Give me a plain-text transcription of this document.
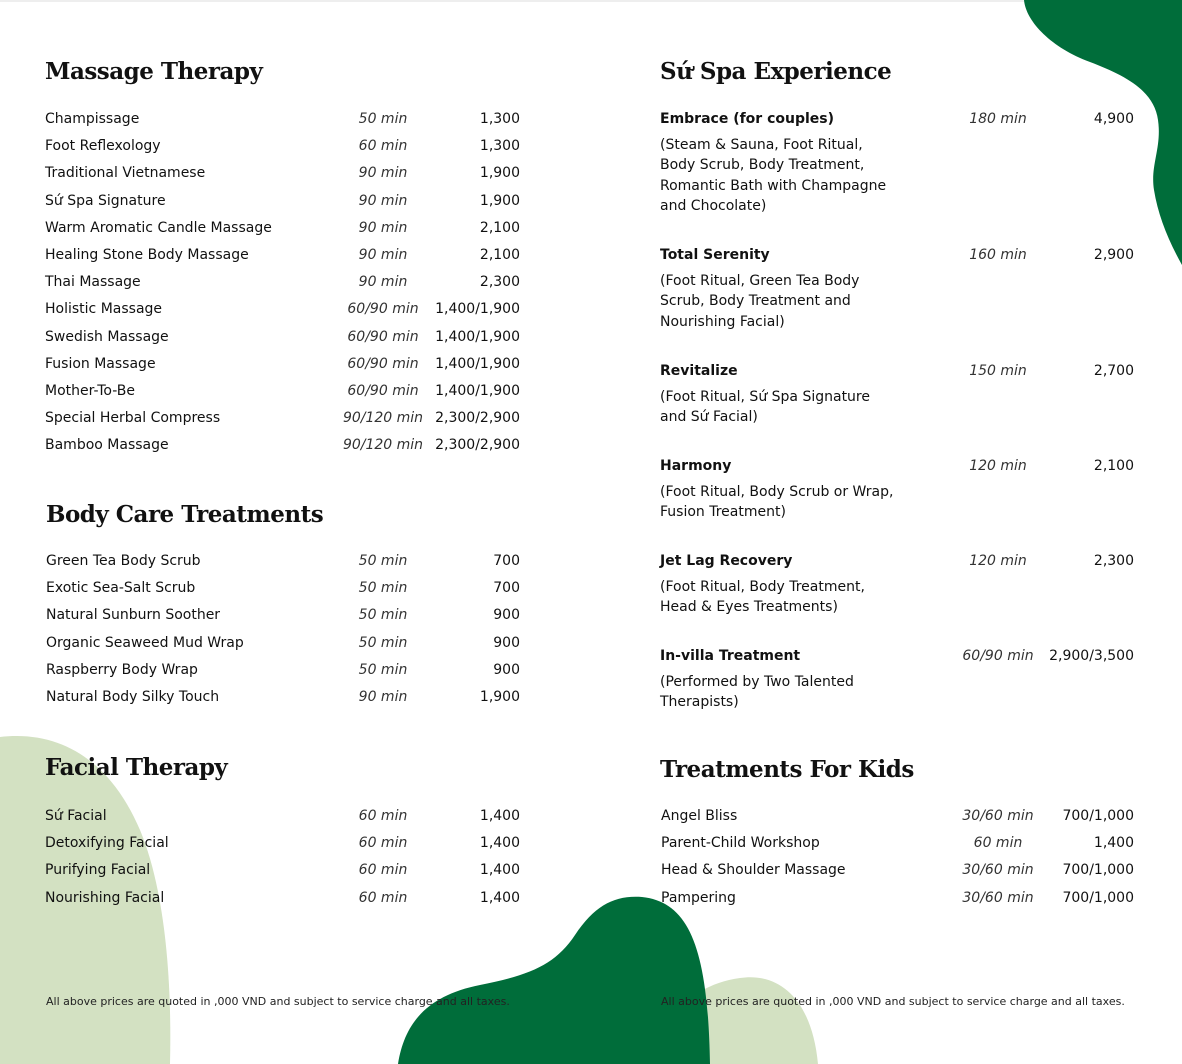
Massage Therapy
Champissage	50 min	1,300
Foot Reflexology	60 min	1,300
Traditional Vietnamese	90 min	1,900
Sứ Spa Signature	90 min	1,900
Warm Aromatic Candle Massage	90 min	2,100
Healing Stone Body Massage	90 min	2,100
Thai Massage	90 min	2,300
Holistic Massage	60/90 min 1,400/1,900
Swedish Massage	60/90 min 1,400/1,900
Fusion Massage	60/90 min 1,400/1,900
Mother-To-Be	60/90 min 1,400/1,900
Special Herbal Compress	90/120 min 2,300/2,900
Bamboo Massage	90/120 min 2,300/2,900
Body Care Treatments
Green Tea Body Scrub	50 min	700
Exotic Sea-Salt Scrub	50 min	700
Natural Sunburn Soother	50 min	900
Organic Seaweed Mud Wrap	50 min	900
Raspberry Body Wrap	50 min	900
Natural Body Silky Touch	90 min	1,900
Facial Therapy
Sứ Facial	60 min	1,400
Detoxifying Facial	60 min	1,400
Purifying Facial	60 min	1,400
Nourishing Facial	60 min	1,400
Sứ Spa Experience
Embrace (for couples)
(Steam & Sauna, Foot Ritual, Body Scrub, Body Treatment, Romantic Bath with Champagne and Chocolate)
180 min	4,900
Total Serenity
(Foot Ritual, Green Tea Body Scrub, Body Treatment and Nourishing Facial)
160 min	2,900
Revitalize
(Foot Ritual, Sứ Spa Signature and Sứ Facial)
150 min	2,700
Harmony
(Foot Ritual, Body Scrub or Wrap, Fusion Treatment)
120 min	2,100
Jet Lag Recovery
(Foot Ritual, Body Treatment, Head & Eyes Treatments)
120 min	2,300
In-villa Treatment
(Performed by Two Talented Therapists)
60/90 min 2,900/3,500
Treatments For Kids
Angel Bliss	30/60 min 700/1,000
Parent-Child Workshop	60 min	1,400
Head & Shoulder Massage	30/60 min 700/1,000
Pampering	30/60 min 700/1,000
All above prices are quoted in ,000 VND and subject to service charge and all taxes.	All above prices are quoted in ,000 VND and subject to service charge and all taxes.
